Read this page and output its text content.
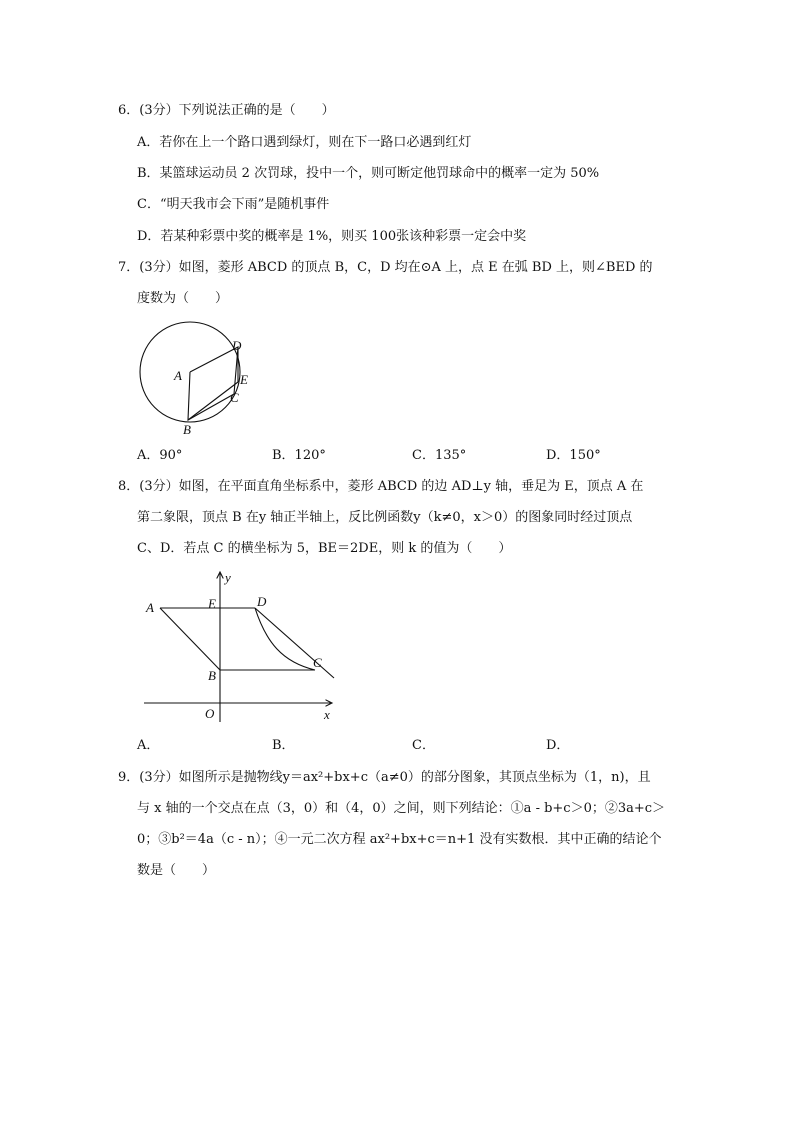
6．(3分）下列说法正确的是（　　）
A．若你在上一个路口遇到绿灯，则在下一路口必遇到红灯
B．某篮球运动员 2 次罚球，投中一个，则可断定他罚球命中的概率一定为 50%
C．“明天我市会下雨”是随机事件
D．若某种彩票中奖的概率是 1%，则买 100张该种彩票一定会中奖
7．(3分）如图，菱形 ABCD 的顶点 B，C，D 均在⊙A 上，点 E 在弧 BD 上，则∠BED 的
度数为（　　）
A
B
C
D
E
A．90°	B．120°	C．135°	D．150°
8．(3分）如图，在平面直角坐标系中，菱形 ABCD 的边 AD⊥y 轴，垂足为 E，顶点 A 在
第二象限，顶点 B 在y 轴正半轴上，反比例函数y（k≠0，x＞0）的图象同时经过顶点
C、D．若点 C 的横坐标为 5，BE＝2DE，则 k 的值为（　　）
A	E	D
B
C
O	x
y
A．	B．	C．	D．
9．(3分）如图所示是抛物线y＝ax²+bx+c（a≠0）的部分图象，其顶点坐标为（1，n)，且
与 x 轴的一个交点在点（3，0）和（4，0）之间，则下列结论：①a - b+c＞0；②3a+c＞
0；③b²＝4a（c - n）；④一元二次方程 ax²+bx+c＝n+1 没有实数根．其中正确的结论个
数是（　　）
